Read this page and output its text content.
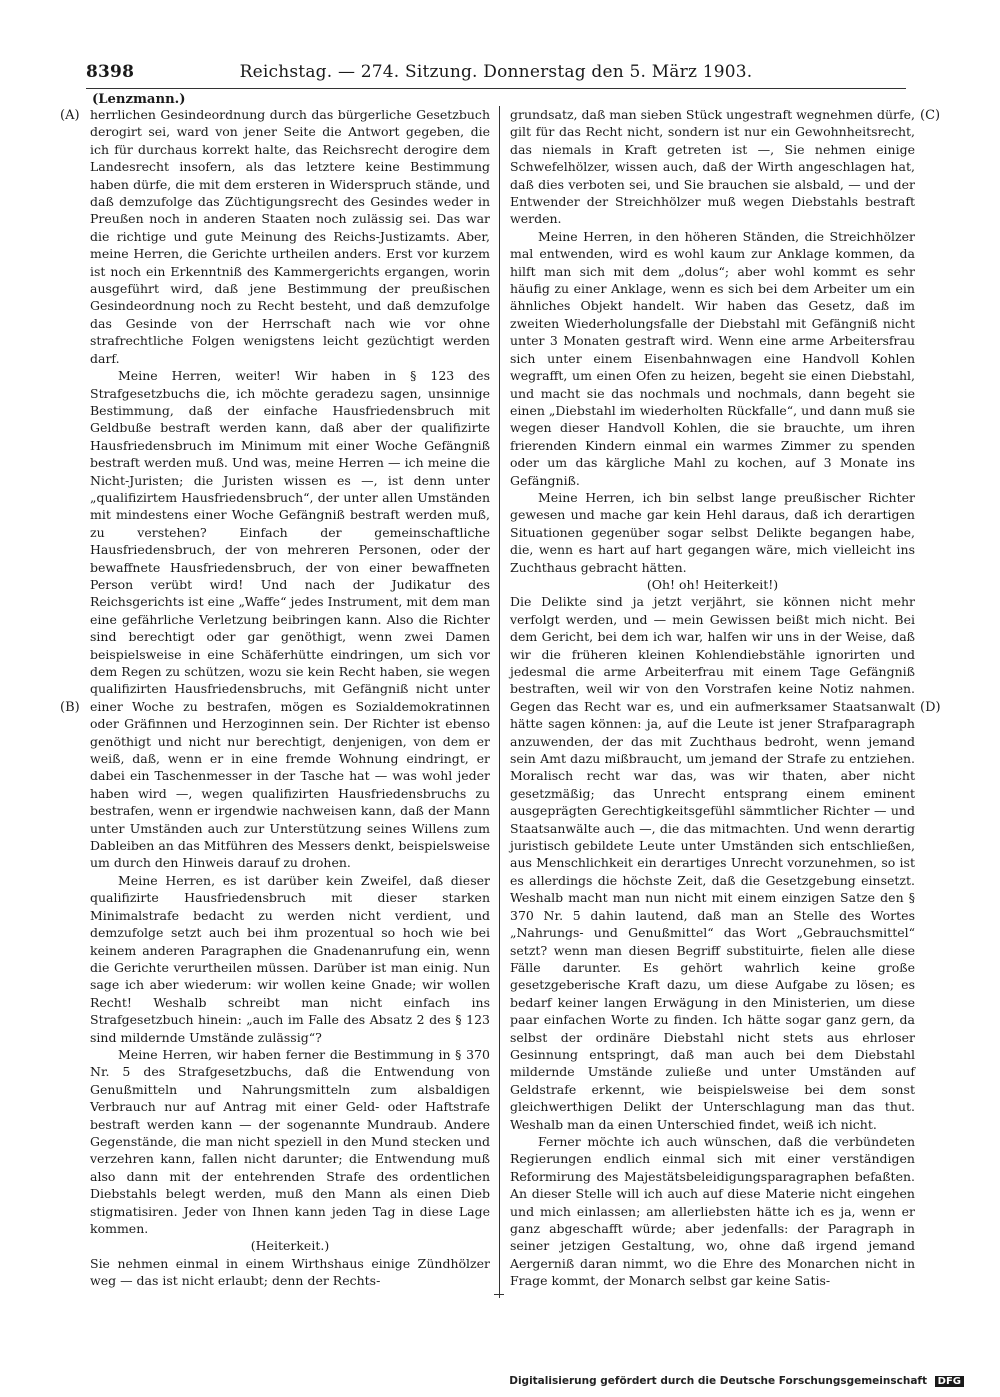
8398	Reichstag. — 274. Sitzung. Donnerstag den 5. März 1903.
(Lenzmann.)
(A)
(B)
(C)
(D)

herrlichen Gesindeordnung durch das bürgerliche Gesetzbuch derogirt sei, ward von jener Seite die Antwort gegeben, die ich für durchaus korrekt halte, das Reichsrecht derogire dem Landesrecht insofern, als das letztere keine Bestimmung haben dürfe, die mit dem ersteren in Widerspruch stände, und daß demzufolge das Züchtigungsrecht des Gesindes weder in Preußen noch in anderen Staaten noch zulässig sei. Das war die richtige und gute Meinung des Reichs-Justizamts. Aber, meine Herren, die Gerichte urtheilen anders. Erst vor kurzem ist noch ein Erkenntniß des Kammergerichts ergangen, worin ausgeführt wird, daß jene Bestimmung der preußischen Gesindeordnung noch zu Recht besteht, und daß demzufolge das Gesinde von der Herrschaft nach wie vor ohne strafrechtliche Folgen wenigstens leicht gezüchtigt werden darf.

Meine Herren, weiter! Wir haben in § 123 des Strafgesetzbuchs die, ich möchte geradezu sagen, unsinnige Bestimmung, daß der einfache Hausfriedensbruch mit Geldbuße bestraft werden kann, daß aber der qualifizirte Hausfriedensbruch im Minimum mit einer Woche Gefängniß bestraft werden muß. Und was, meine Herren — ich meine die Nicht-Juristen; die Juristen wissen es —, ist denn unter „qualifizirtem Hausfriedensbruch“, der unter allen Umständen mit mindestens einer Woche Gefängniß bestraft werden muß, zu verstehen? Einfach der gemeinschaftliche Hausfriedensbruch, der von mehreren Personen, oder der bewaffnete Hausfriedensbruch, der von einer bewaffneten Person verübt wird! Und nach der Judikatur des Reichsgerichts ist eine „Waffe“ jedes Instrument, mit dem man eine gefährliche Verletzung beibringen kann. Also die Richter sind berechtigt oder gar genöthigt, wenn zwei Damen beispielsweise in eine Schäferhütte eindringen, um sich vor dem Regen zu schützen, wozu sie kein Recht haben, sie wegen qualifizirten Hausfriedensbruchs, mit Gefängniß nicht unter einer Woche zu bestrafen, mögen es Sozialdemokratinnen oder Gräfinnen und Herzoginnen sein. Der Richter ist ebenso genöthigt und nicht nur berechtigt, denjenigen, von dem er weiß, daß, wenn er in eine fremde Wohnung eindringt, er dabei ein Taschenmesser in der Tasche hat — was wohl jeder haben wird —, wegen qualifizirten Hausfriedensbruchs zu bestrafen, wenn er irgendwie nachweisen kann, daß der Mann unter Umständen auch zur Unterstützung seines Willens zum Dableiben an das Mitführen des Messers denkt, beispielsweise um durch den Hinweis darauf zu drohen.

Meine Herren, es ist darüber kein Zweifel, daß dieser qualifizirte Hausfriedensbruch mit dieser starken Minimalstrafe bedacht zu werden nicht verdient, und demzufolge setzt auch bei ihm prozentual so hoch wie bei keinem anderen Paragraphen die Gnadenanrufung ein, wenn die Gerichte verurtheilen müssen. Darüber ist man einig. Nun sage ich aber wiederum: wir wollen keine Gnade; wir wollen Recht! Weshalb schreibt man nicht einfach ins Strafgesetzbuch hinein: „auch im Falle des Absatz 2 des § 123 sind mildernde Umstände zulässig“?

Meine Herren, wir haben ferner die Bestimmung in § 370 Nr. 5 des Strafgesetzbuchs, daß die Entwendung von Genußmitteln und Nahrungsmitteln zum alsbaldigen Verbrauch nur auf Antrag mit einer Geld- oder Haftstrafe bestraft werden kann — der sogenannte Mundraub. Andere Gegenstände, die man nicht speziell in den Mund stecken und verzehren kann, fallen nicht darunter; die Entwendung muß also dann mit der entehrenden Strafe des ordentlichen Diebstahls belegt werden, muß den Mann als einen Dieb stigmatisiren. Jeder von Ihnen kann jeden Tag in diese Lage kommen.

(Heiterkeit.)

Sie nehmen einmal in einem Wirthshaus einige Zündhölzer weg — das ist nicht erlaubt; denn der Rechts-

grundsatz, daß man sieben Stück ungestraft wegnehmen dürfe, gilt für das Recht nicht, sondern ist nur ein Gewohnheitsrecht, das niemals in Kraft getreten ist —, Sie nehmen einige Schwefelhölzer, wissen auch, daß der Wirth angeschlagen hat, daß dies verboten sei, und Sie brauchen sie alsbald, — und der Entwender der Streichhölzer muß wegen Diebstahls bestraft werden.

Meine Herren, in den höheren Ständen, die Streichhölzer mal entwenden, wird es wohl kaum zur Anklage kommen, da hilft man sich mit dem „dolus“; aber wohl kommt es sehr häufig zu einer Anklage, wenn es sich bei dem Arbeiter um ein ähnliches Objekt handelt. Wir haben das Gesetz, daß im zweiten Wiederholungsfalle der Diebstahl mit Gefängniß nicht unter 3 Monaten gestraft wird. Wenn eine arme Arbeitersfrau sich unter einem Eisenbahnwagen eine Handvoll Kohlen wegrafft, um einen Ofen zu heizen, begeht sie einen Diebstahl, und macht sie das nochmals und nochmals, dann begeht sie einen „Diebstahl im wiederholten Rückfalle“, und dann muß sie wegen dieser Handvoll Kohlen, die sie brauchte, um ihren frierenden Kindern einmal ein warmes Zimmer zu spenden oder um das kärgliche Mahl zu kochen, auf 3 Monate ins Gefängniß.

Meine Herren, ich bin selbst lange preußischer Richter gewesen und mache gar kein Hehl daraus, daß ich derartigen Situationen gegenüber sogar selbst Delikte begangen habe, die, wenn es hart auf hart gegangen wäre, mich vielleicht ins Zuchthaus gebracht hätten.

(Oh! oh! Heiterkeit!)

Die Delikte sind ja jetzt verjährt, sie können nicht mehr verfolgt werden, und — mein Gewissen beißt mich nicht. Bei dem Gericht, bei dem ich war, halfen wir uns in der Weise, daß wir die früheren kleinen Kohlendiebstähle ignorirten und jedesmal die arme Arbeiterfrau mit einem Tage Gefängniß bestraften, weil wir von den Vorstrafen keine Notiz nahmen. Gegen das Recht war es, und ein aufmerksamer Staatsanwalt hätte sagen können: ja, auf die Leute ist jener Strafparagraph anzuwenden, der das mit Zuchthaus bedroht, wenn jemand sein Amt dazu mißbraucht, um jemand der Strafe zu entziehen. Moralisch recht war das, was wir thaten, aber nicht gesetzmäßig; das Unrecht entsprang einem eminent ausgeprägten Gerechtigkeitsgefühl sämmtlicher Richter — und Staatsanwälte auch —, die das mitmachten. Und wenn derartig juristisch gebildete Leute unter Umständen sich entschließen, aus Menschlichkeit ein derartiges Unrecht vorzunehmen, so ist es allerdings die höchste Zeit, daß die Gesetzgebung einsetzt. Weshalb macht man nun nicht mit einem einzigen Satze den § 370 Nr. 5 dahin lautend, daß man an Stelle des Wortes „Nahrungs- und Genußmittel“ das Wort „Gebrauchsmittel“ setzt? wenn man diesen Begriff substituirte, fielen alle diese Fälle darunter. Es gehört wahrlich keine große gesetzgeberische Kraft dazu, um diese Aufgabe zu lösen; es bedarf keiner langen Erwägung in den Ministerien, um diese paar einfachen Worte zu finden. Ich hätte sogar ganz gern, da selbst der ordinäre Diebstahl nicht stets aus ehrloser Gesinnung entspringt, daß man auch bei dem Diebstahl mildernde Umstände zuließe und unter Umständen auf Geldstrafe erkennt, wie beispielsweise bei dem sonst gleichwerthigen Delikt der Unterschlagung man das thut. Weshalb man da einen Unterschied findet, weiß ich nicht.

Ferner möchte ich auch wünschen, daß die verbündeten Regierungen endlich einmal sich mit einer verständigen Reformirung des Majestätsbeleidigungsparagraphen befaßten. An dieser Stelle will ich auch auf diese Materie nicht eingehen und mich einlassen; am allerliebsten hätte ich es ja, wenn er ganz abgeschafft würde; aber jedenfalls: der Paragraph in seiner jetzigen Gestaltung, wo, ohne daß irgend jemand Aergerniß daran nimmt, wo die Ehre des Monarchen nicht in Frage kommt, der Monarch selbst gar keine Satis-

Digitalisierung gefördert durch die Deutsche Forschungsgemeinschaft DFG
